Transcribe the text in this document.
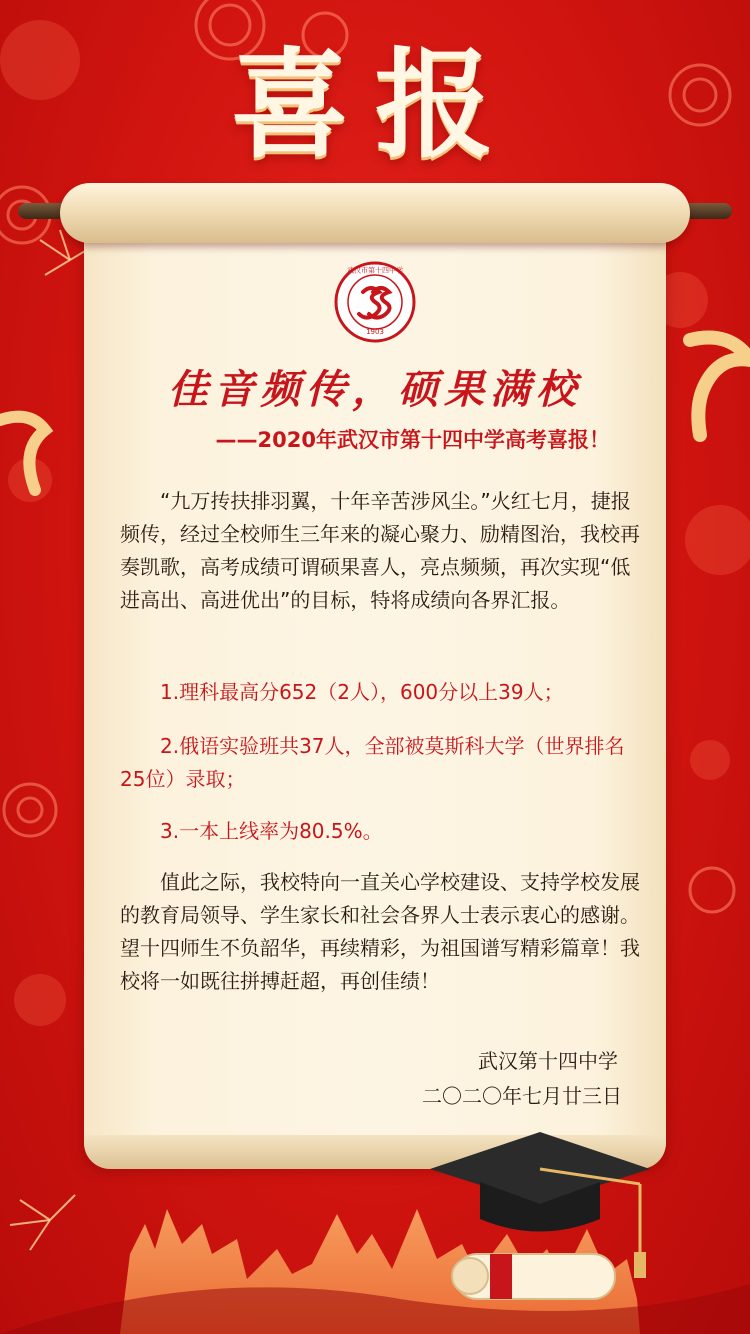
喜报
武汉市第十四中学
1903
佳音频传，硕果满校
——2020年武汉市第十四中学高考喜报！

“九万抟扶排羽翼，十年辛苦涉风尘。”火红七月，捷报频传，经过全校师生三年来的凝心聚力、励精图治，我校再奏凯歌，高考成绩可谓硕果喜人，亮点频频，再次实现“低进高出、高进优出”的目标，特将成绩向各界汇报。

1.理科最高分652（2人），600分以上39人；

2.俄语实验班共37人，全部被莫斯科大学（世界排名25位）录取；

3.一本上线率为80.5%。

值此之际，我校特向一直关心学校建设、支持学校发展的教育局领导、学生家长和社会各界人士表示衷心的感谢。望十四师生不负韶华，再续精彩，为祖国谱写精彩篇章！我校将一如既往拼搏赶超，再创佳绩！

武汉第十四中学
二〇二〇年七月廿三日
